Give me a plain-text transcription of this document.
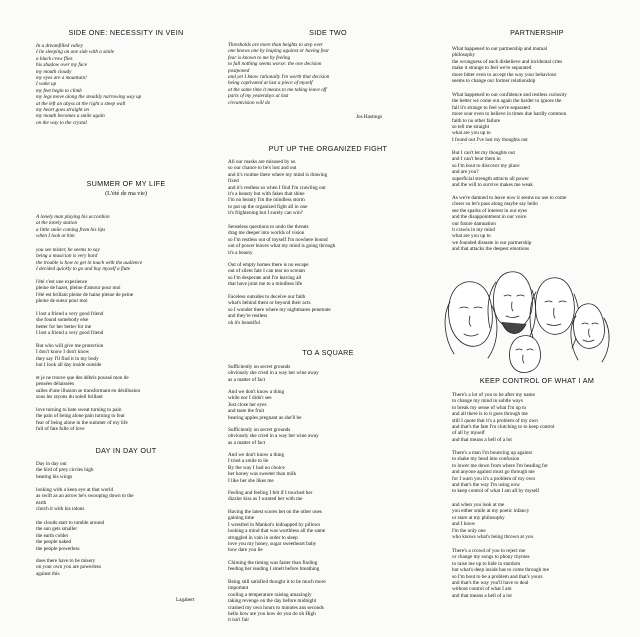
SIDE ONE: NECESSITY IN VEIN

In a dreamfilled valley
I lie sleeping on one side with a smile
a black crow flies
his shadow over my face
my mouth cloudy
my eyes are a mountain!
I wake up
my feet begin to climb
my legs move along the steadily narrowing way up
at the left an abyss at the right a steep wall
my heart goes straight on
my mouth becomes a smile again
on the way to the crystal

SUMMER OF MY LIFE

(L'été de ma vie)

A lonely man playing his accordion
at the lonely station
a little smile coming from his lips
when I look at him

you see mister, he seems to say
being a musician is very hard
the trouble is how to get in touch with the audience
I decided quickly to go and buy myself a flute

l'été c'est une experience
pleine de hazet, pleine d'amour pour moi
l'été est brillant pleine de haine pleine de peine
pleine de sueur pour moi

I lost a friend a very good friend
she found somebody else
better for her better for me
I lost a friend a very good friend

But who will give me protection
I don't know I don't know
they say I'll find it in my body
but I look all day inside outside

et je ne trouve que des débris poussé mon de
pensées délaissées
salles d'une illusion se transformant en désillusion
sous les rayons du soleil brillant

love turning to hate sweat turning to pain
the pain of being alone pain turning to fear
fear of being alone in the summer of my life
full of fate fulle of love

DAY IN DAY OUT

Day in day out
the bird of prey circles high
beating his wings

looking with a keen eye at that world
as swift as an arrow he's swooping down to the
earth
clutch it with his talons

the clouds start to tumble around
the sun gets smaller
the earth colder
the people naked
the people powerless

does there have to be misery
on your own you are powerless
against this

Lagabert

SIDE TWO

Thresholds are more than heights to step over
one knows one by leaping against or having fear
fear is known to me by feeling
to fall nothing seems worse: the one decision
postponed
and yet I know rationally I'm worth that decision
being captivated at last a piece of myself
at the same time it means to me taking leave off
parts of my yesterdays at last
circumvision will do

Jos Hastings

PUT UP THE ORGANIZED FIGHT

All our masks are misused by us
so our chance to be's lost and out
and it's routine there where my mind is drawing
fixed
and it's restless so when I find I'm crawling out
it's a beauty but with fakes that shine
I'm no beauty I'm the mindless storm
to put up the organized fight all in one
it's frightening but I surely can win?

Senseless questions to undo the threats
drag me deeper into worlds of vision
so I'm restless out of myself I'm nowhere bound
out of power leaves what my mind is going through
it's a beauty

Out of empty homes there is no escape
out of silent fate I can tear no scream
so I'm desperate and I'm leaving all
that have joint me to a mindless life

Faceless outsides to deceive our faith
what's behind them or beyond their acts
so I wonder there where my nightmares penetrate
and they're restless
oh it's beautiful

TO A SQUARE

Sufficiently on secret grounds
obviously she cried in a way her wine away
as a matter of fact

And we don't know a thing
while nor I didn't see
Just close her eyes
and taste the fruit
bearing apples pregnant as she'll be

Sufficiently on secret grounds
obviously she cried in a way her wine away
as a matter of fact

And we don't know a thing
I tried a smile to lie
By the way I had no choice
her honey was sweeter than milk
I like her she likes me

Feeling and feeling I felt if I touched her
dizzier kiss as I wanted her with me

Having the latest scores bet on the other ones
gaining time
I wrestled in Mankot's kidnapped by pillows
looking a mind that was worthless all the same
struggled in vain in order to sleep
love you my honey, sugar sweetheart baby
how dare you lie

Chiming the timing was faster than finding
feeding her reading I smelt before breathing

Being still satisfied thought it to be much more
important
cooling a temperature raising amazingly
taking revenge on the day before midnight
crashed my own hours to minutes ans seconds
hello how are you how do you do oh High
it isn't fair

PARTNERSHIP

What happened to our partnership and mutual
philosophy
the wrongness of each disbelieve and incidental cries
make it strange to feel we're separated
more bitter even to accept the way your behaviour
seems to change our former relationship

What happened to our confidence and restless curiosity
the better we come out again the harder to ignore the
fall it's strange to feel we're separated
more sour even to believe in times due hardly common
faith to no other failure
so tell me straight
what are you up to
I found out I've lost my thoughts out

But I can't let my thoughts out
and I can't bear them in
so I'm bout to discover my place
and are you?
superficial strength attracts all power
and the will to survive makes me weak

As we're damned to leave now it seems no use to come
closer so let's pass along maybe say hello
see the sparks of interest in our eyes
and the disappointment in our voice
our future damnation
it crawls in my mind
what are you up to
we founded distaste in our partnership
and that attacks the deepest emotions

KEEP CONTROL OF WHAT I AM

There's a lot of you to be after my name
to change my mind in subtle ways
to break my sense of what I'm up to
and all there is to it goes through me
still I quote that it's a problem of my own
and that's the fate I'm clutching to to keep control
of all by myself
and that means a hell of a lot

There's a man I'm bouncing up against
to shake my head into confusion
to lower me down from where I'm heading for
and anyone against must go through me
for I warn you it's a problem of my own
and that's the way I'm using now
to keep control of what I am all by myself

and when you look at me
you either smile at my poetic infancy
or stare at my philosophy
and I know
I'm the only one
who knows what's being thrown at you

There's a crowd of you to reject me
or change my songs to phony rhymes
to raise me up to hide in stardom
but what's deep inside has to come through me
so I'm bout to be a problem and that's yours
and that's the way you'll have to deal
without control of what I am
and that means a hell of a lot
